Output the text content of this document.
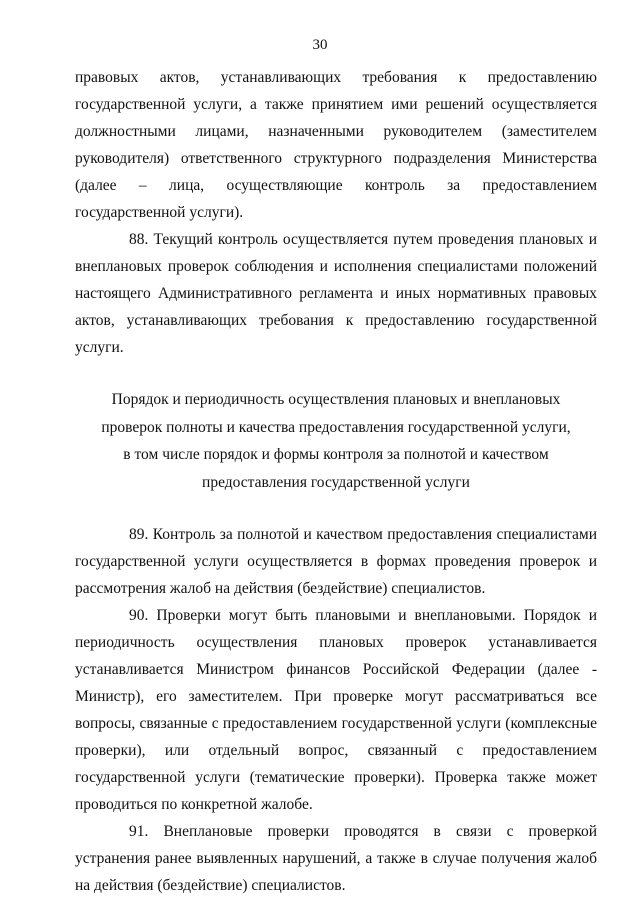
30

правовых актов, устанавливающих требования к предоставлению государственной услуги, а также принятием ими решений осуществляется должностными лицами, назначенными руководителем (заместителем руководителя) ответственного структурного подразделения Министерства (далее – лица, осуществляющие контроль за предоставлением государственной услуги).

88. Текущий контроль осуществляется путем проведения плановых и внеплановых проверок соблюдения и исполнения специалистами положений настоящего Административного регламента и иных нормативных правовых актов, устанавливающих требования к предоставлению государственной услуги.

Порядок и периодичность осуществления плановых и внеплановых
проверок полноты и качества предоставления государственной услуги,
в том числе порядок и формы контроля за полнотой и качеством
предоставления государственной услуги

89. Контроль за полнотой и качеством предоставления специалистами государственной услуги осуществляется в формах проведения проверок и рассмотрения жалоб на действия (бездействие) специалистов.

90. Проверки могут быть плановыми и внеплановыми. Порядок и периодичность осуществления плановых проверок устанавливается устанавливается Министром финансов Российской Федерации (далее - Министр), его заместителем. При проверке могут рассматриваться все вопросы, связанные с предоставлением государственной услуги (комплексные проверки), или отдельный вопрос, связанный с предоставлением государственной услуги (тематические проверки). Проверка также может проводиться по конкретной жалобе.

91. Внеплановые проверки проводятся в связи с проверкой устранения ранее выявленных нарушений, а также в случае получения жалоб на действия (бездействие) специалистов.
